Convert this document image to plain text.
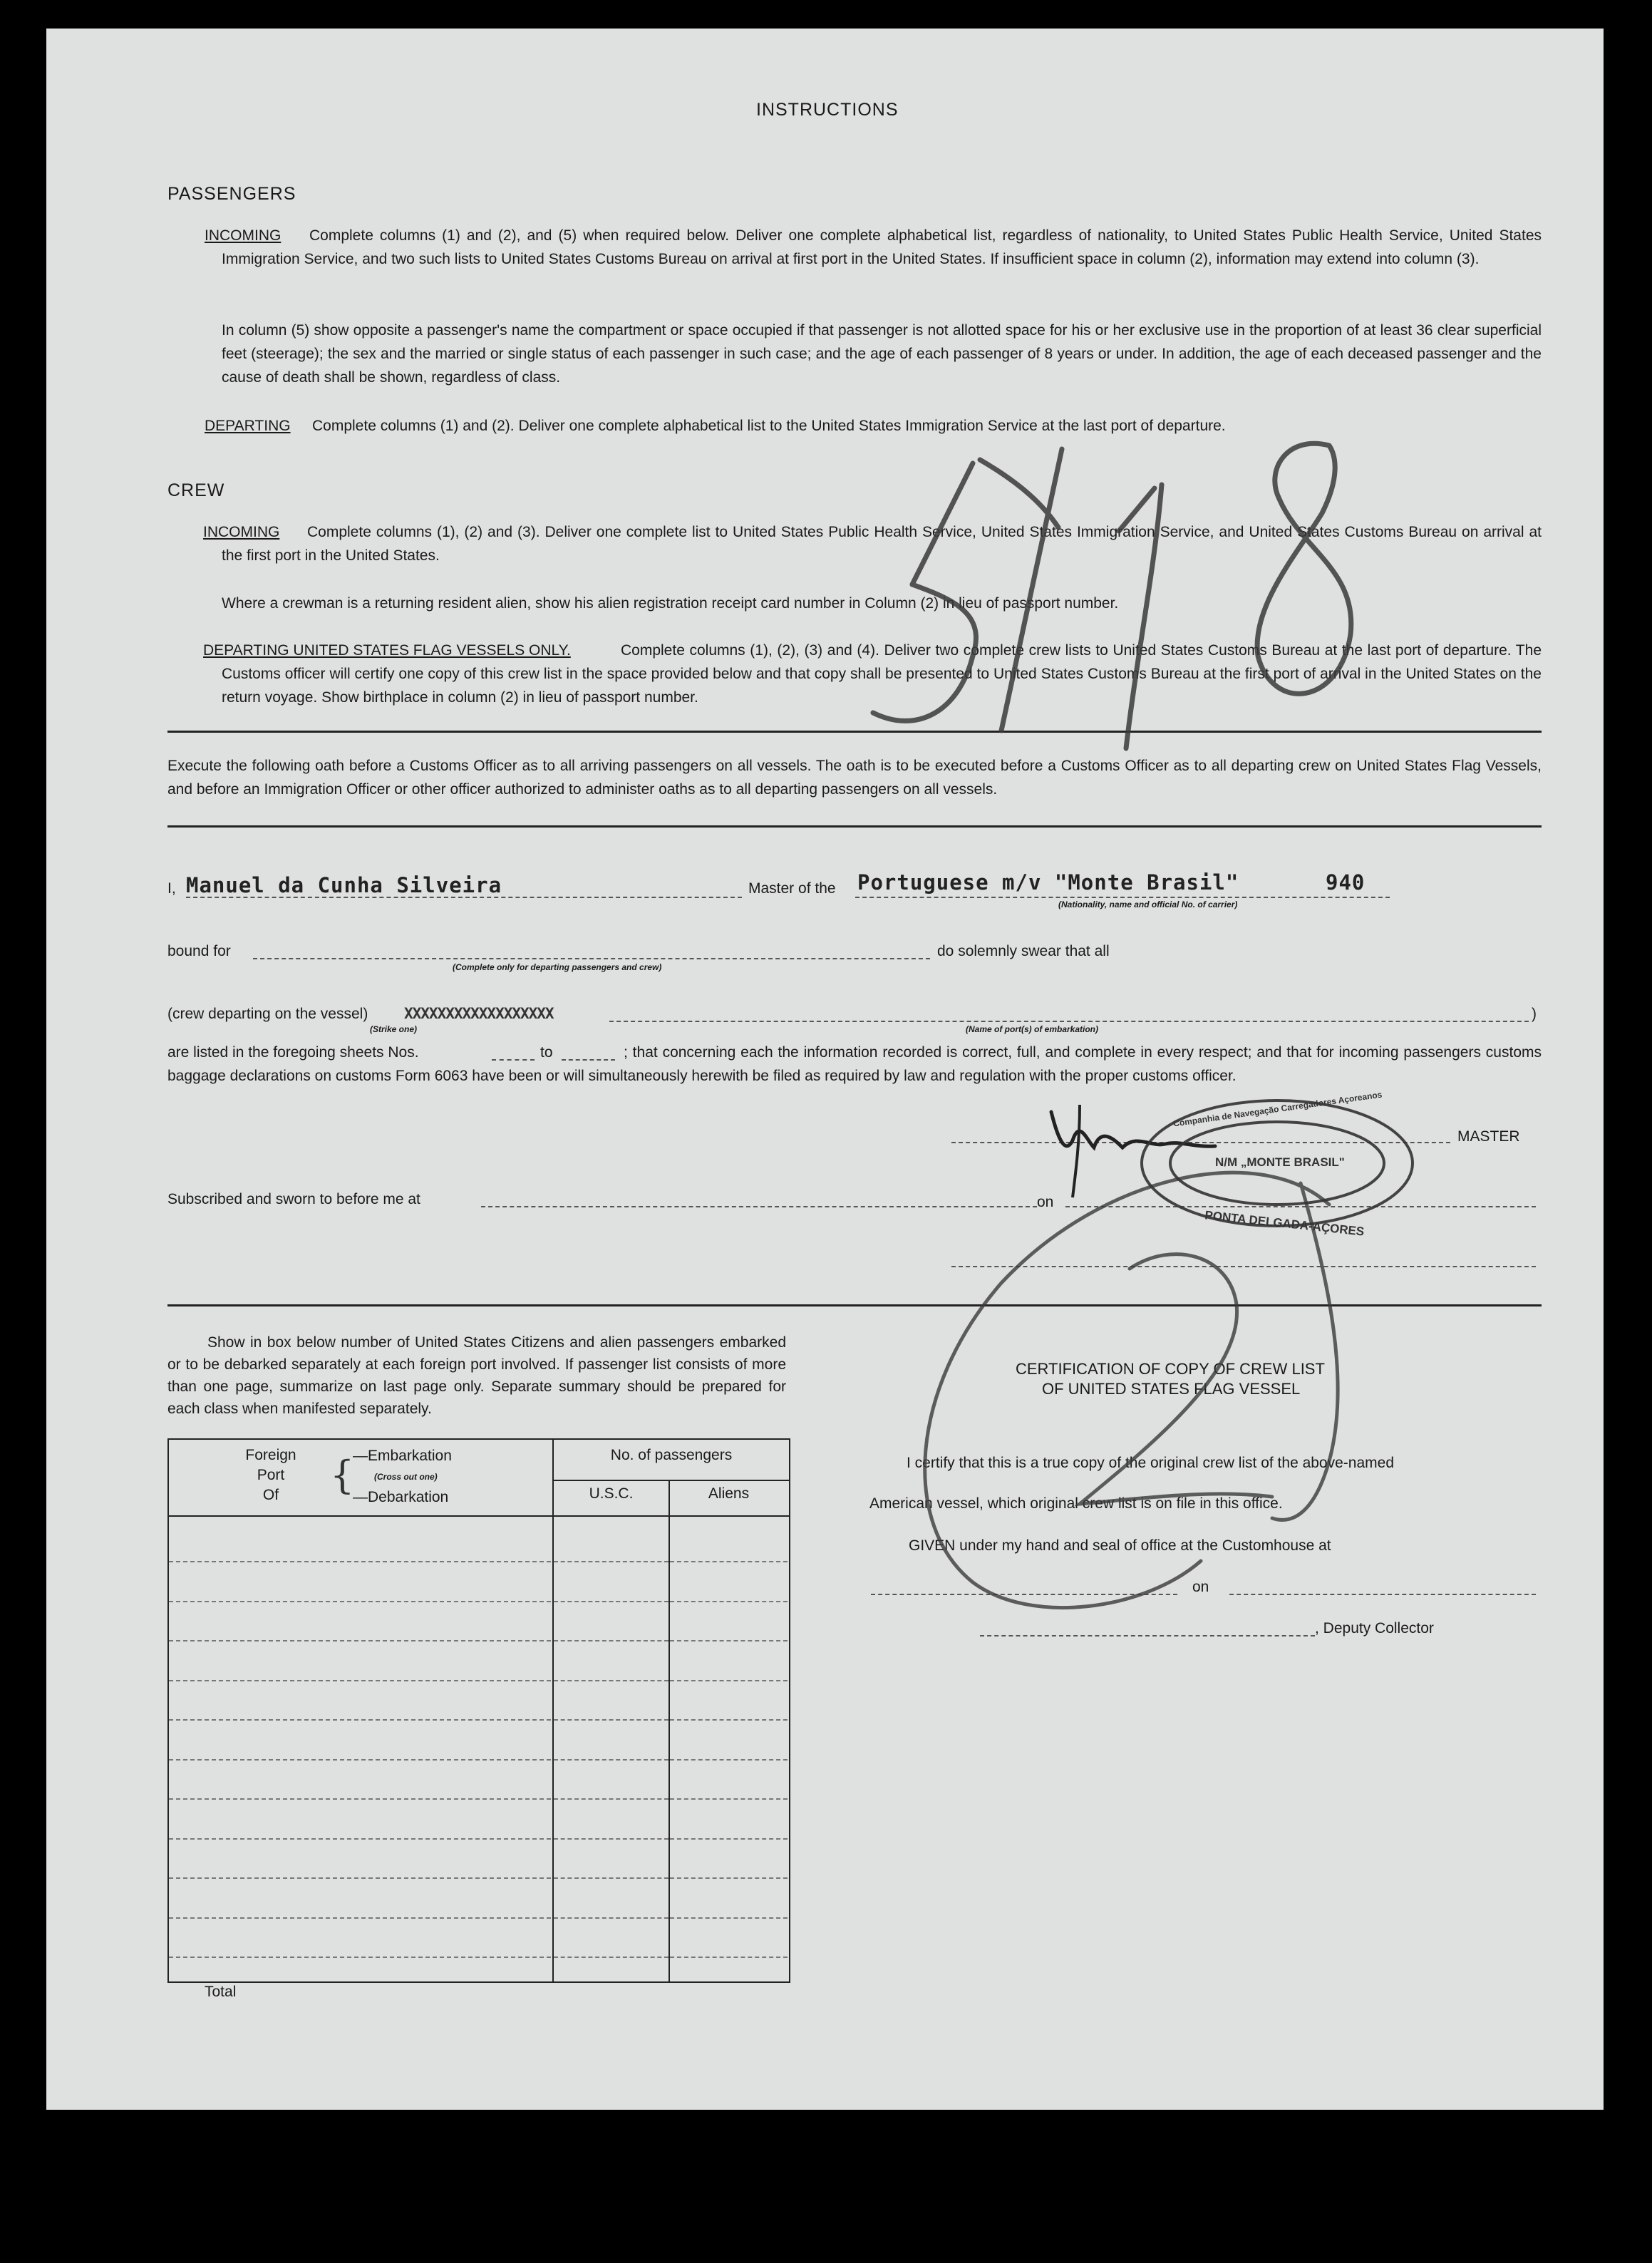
INSTRUCTIONS
PASSENGERS
INCOMING	Complete columns (1) and (2), and (5) when required below. Deliver one complete alphabetical list, regardless of nationality, to United States Public Health Service, United States Immigration Service, and two such lists to United States Customs Bureau on arrival at first port in the United States. If insufficient space in column (2), information may extend into column (3).
In column (5) show opposite a passenger's name the compartment or space occupied if that passenger is not allotted space for his or her exclusive use in the proportion of at least 36 clear superficial feet (steerage); the sex and the married or single status of each passenger in such case; and the age of each passenger of 8 years or under. In addition, the age of each deceased passenger and the cause of death shall be shown, regardless of class.
DEPARTING Complete columns (1) and (2). Deliver one complete alphabetical list to the United States Immigration Service at the last port of departure.
CREW
INCOMING	Complete columns (1), (2) and (3). Deliver one complete list to United States Public Health Service, United States Immigration Service, and United States Customs Bureau on arrival at the first port in the United States.
Where a crewman is a returning resident alien, show his alien registration receipt card number in Column (2) in lieu of passport number.
DEPARTING UNITED STATES FLAG VESSELS ONLY.	Complete columns (1), (2), (3) and (4). Deliver two complete crew lists to United States Customs Bureau at the last port of departure. The Customs officer will certify one copy of this crew list in the space provided below and that copy shall be presented to United States Customs Bureau at the first port of arrival in the United States on the return voyage. Show birthplace in column (2) in lieu of passport number.
Execute the following oath before a Customs Officer as to all arriving passengers on all vessels. The oath is to be executed before a Customs Officer as to all departing crew on United States Flag Vessels, and before an Immigration Officer or other officer authorized to administer oaths as to all departing passengers on all vessels.
I, Manuel da Cunha Silveira	Master of the Portuguese m/v "Monte Brasil"	940
(Nationality, name and official No. of carrier)
bound for
(Complete only for departing passengers and crew)
do solemnly swear that all
(crew departing on the vessel) XXXXXXXXXXXXXXXXXX
(Strike one)	(Name of port(s) of embarkation)
)
are listed in the foregoing sheets Nos.	to	; that concerning each the information recorded is correct, full, and complete in every respect; and that for incoming passengers customs baggage declarations on customs Form 6063 have been or will simultaneously herewith be filed as required by law and regulation with the proper customs officer.
MASTER
Subscribed and sworn to before me at	on
Show in box below number of United States Citizens and alien passengers embarked or to be debarked separately at each foreign port involved. If passenger list consists of more than one page, summarize on last page only. Separate summary should be prepared for each class when manifested separately.
Foreign
Port
Of	{
—Embarkation
(Cross out one)
—Debarkation
No. of passengers
U.S.C.	Aliens
Total
CERTIFICATION OF COPY OF CREW LIST
OF UNITED STATES FLAG VESSEL
I certify that this is a true copy of the original crew list of the above-named
American vessel, which original crew list is on file in this office.
GIVEN under my hand and seal of office at the Customhouse at
on
, Deputy Collector
Companhia de Navegação Carregadores Açoreanos
N/M „MONTE BRASIL"
PONTA DELGADA-AÇORES
